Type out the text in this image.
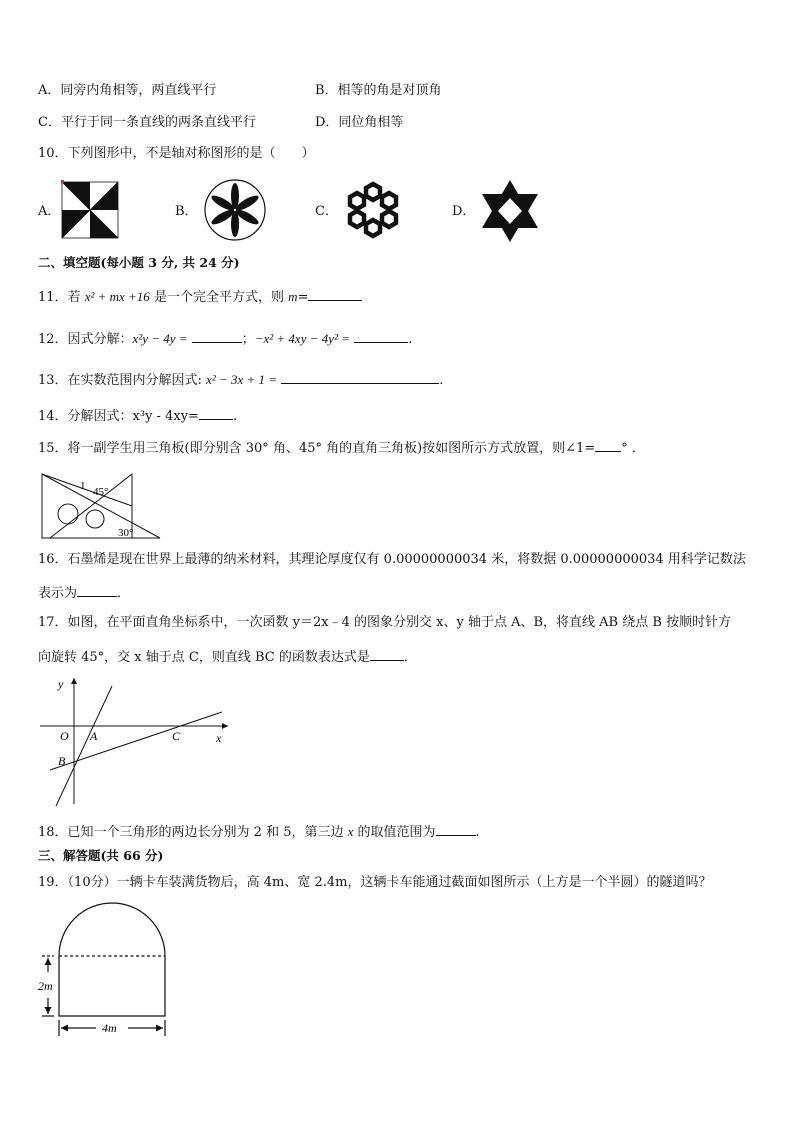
A．同旁内角相等，两直线平行	B．相等的角是对顶角
C．平行于同一条直线的两条直线平行	D．同位角相等
10．下列图形中，不是轴对称图形的是（　　）
A．	B．	C．	D．
二、填空题(每小题 3 分, 共 24 分)
11．若 x² + mx +16 是一个完全平方式，则 m=
12．因式分解：x²y − 4y =	；−x² + 4xy − 4y² =	.
13．在实数范围内分解因式: x² − 3x + 1 =	.
14．分解因式：x³y - 4xy=	.
15．将一副学生用三角板(即分别含 30° 角、45° 角的直角三角板)按如图所示方式放置，则∠1= ° ．
1 45°
30°
16．石墨烯是现在世界上最薄的纳米材料，其理论厚度仅有 0.00000000034 米，将数据 0.00000000034 用科学记数法
表示为	．
17．如图，在平面直角坐标系中，一次函数 y＝2x﹣4 的图象分别交 x、y 轴于点 A、B，将直线 AB 绕点 B 按顺时针方
向旋转 45°，交 x 轴于点 C，则直线 BC 的函数表达式是	．
y
x
O A
B
C
18．已知一个三角形的两边长分别为 2 和 5，第三边 x 的取值范围为	.
三、解答题(共 66 分)
19．（10分）一辆卡车装满货物后，高 4m、宽 2.4m，这辆卡车能通过截面如图所示（上方是一个半圆）的隧道吗？
2m
4m
